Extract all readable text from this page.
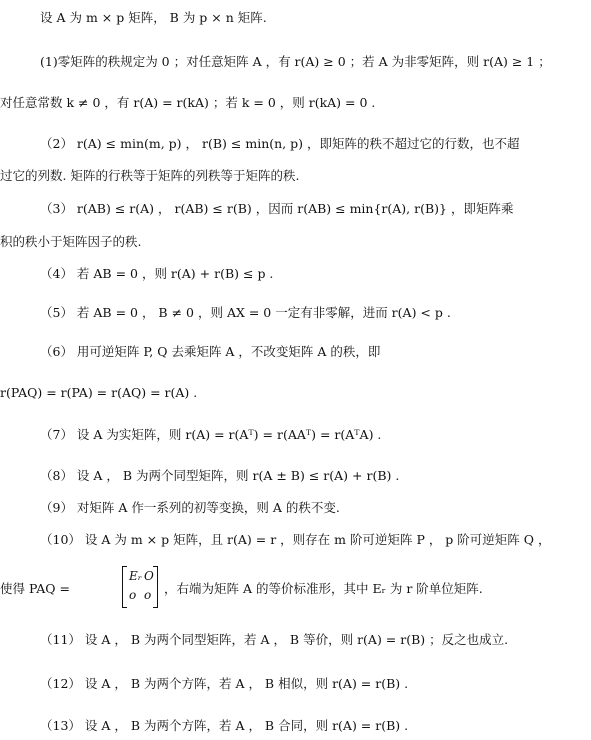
设 A 为 m × p 矩阵， B 为 p × n 矩阵.
(1)零矩阵的秩规定为 0 ；对任意矩阵 A ，有 r(A) ≥ 0 ；若 A 为非零矩阵，则 r(A) ≥ 1 ；
对任意常数 k ≠ 0 ，有 r(A) = r(kA) ；若 k = 0 ，则 r(kA) = 0 .
（2） r(A) ≤ min(m, p) ， r(B) ≤ min(n, p) ，即矩阵的秩不超过它的行数，也不超
过它的列数. 矩阵的行秩等于矩阵的列秩等于矩阵的秩.
（3） r(AB) ≤ r(A) ， r(AB) ≤ r(B) ，因而 r(AB) ≤ min{r(A), r(B)} ，即矩阵乘
积的秩小于矩阵因子的秩.
（4） 若 AB = 0 ，则 r(A) + r(B) ≤ p .
（5） 若 AB = 0 ， B ≠ 0 ，则 AX = 0 一定有非零解，进而 r(A) < p .
（6） 用可逆矩阵 P, Q 去乘矩阵 A ，不改变矩阵 A 的秩，即
r(PAQ) = r(PA) = r(AQ) = r(A) .
（7） 设 A 为实矩阵，则 r(A) = r(Aᵀ) = r(AAᵀ) = r(AᵀA) .
（8） 设 A ， B 为两个同型矩阵，则 r(A ± B) ≤ r(A) + r(B) .
（9） 对矩阵 A 作一系列的初等变换，则 A 的秩不变.
（10） 设 A 为 m × p 矩阵，且 r(A) = r ，则存在 m 阶可逆矩阵 P ， p 阶可逆矩阵 Q ，
使得 PAQ =
Eᵣ O
o o ，右端为矩阵 A 的等价标准形，其中 Eᵣ 为 r 阶单位矩阵.
（11） 设 A ， B 为两个同型矩阵，若 A ， B 等价，则 r(A) = r(B) ；反之也成立.
（12） 设 A ， B 为两个方阵，若 A ， B 相似，则 r(A) = r(B) .
（13） 设 A ， B 为两个方阵，若 A ， B 合同，则 r(A) = r(B) .
